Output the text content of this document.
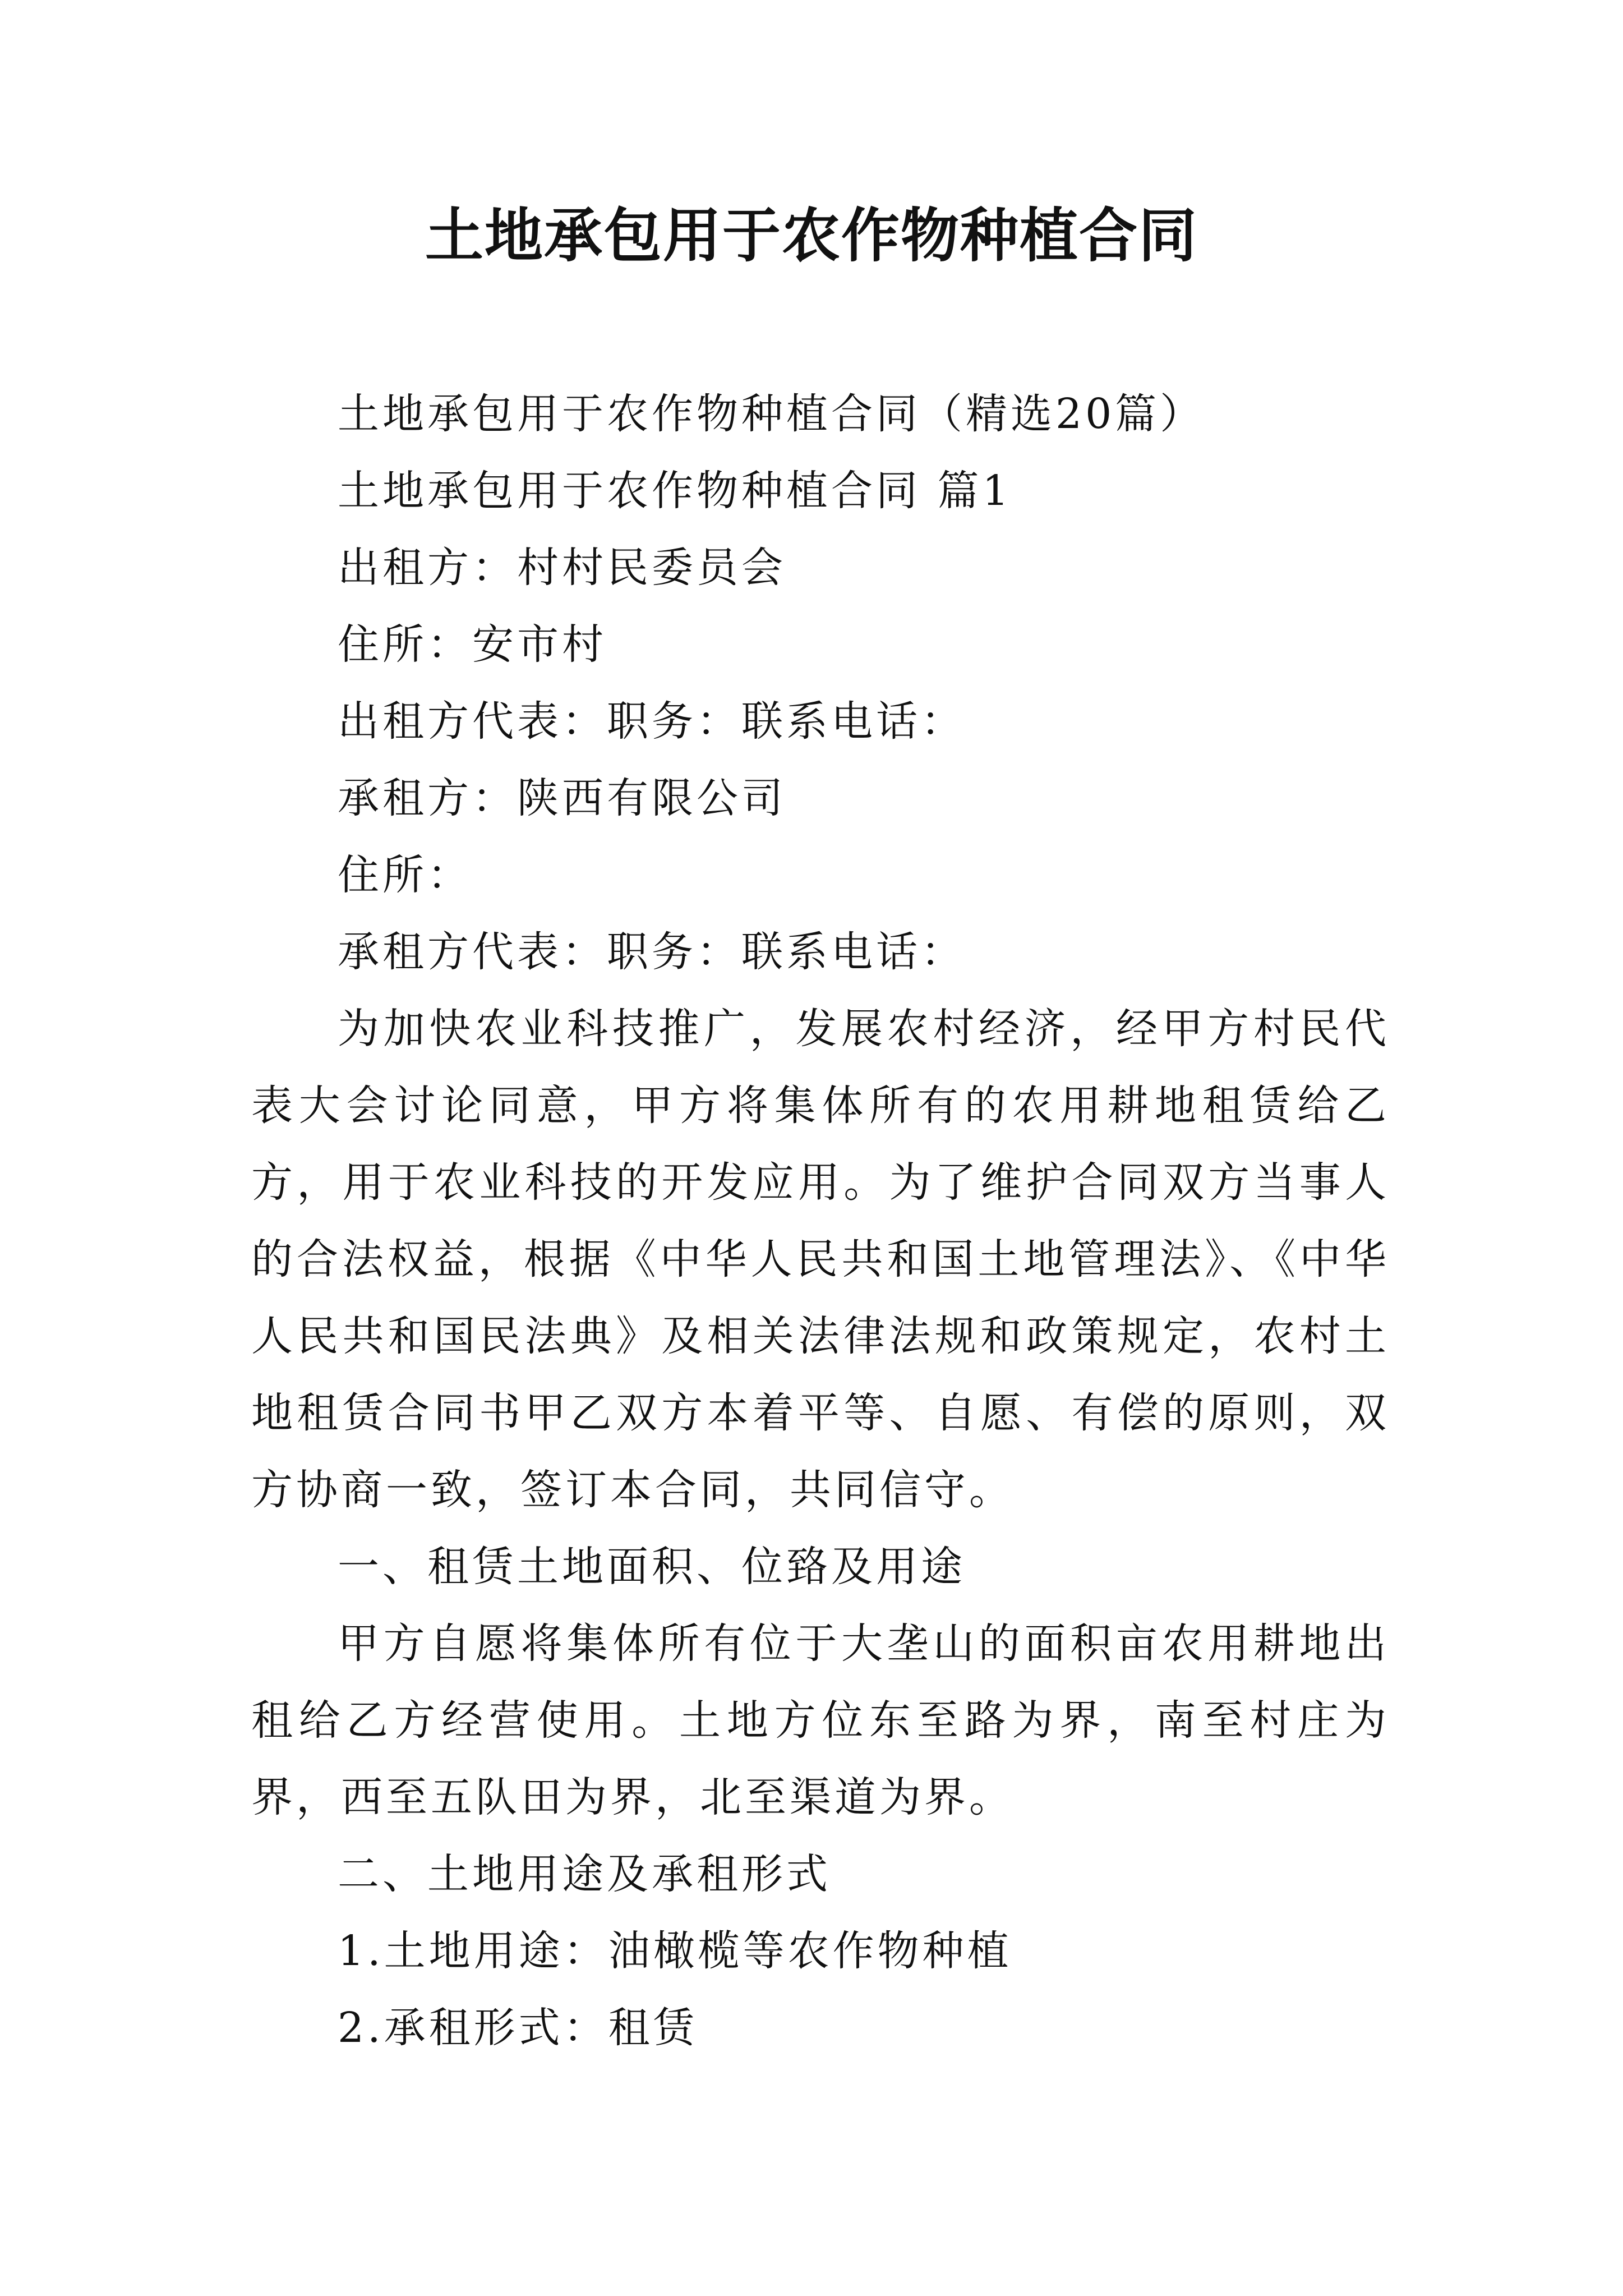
土地承包用于农作物种植合同

土地承包用于农作物种植合同（精选20篇）

土地承包用于农作物种植合同 篇1

出租方：村村民委员会

住所：安市村

出租方代表：职务：联系电话：

承租方：陕西有限公司

住所：

承租方代表：职务：联系电话：

为加快农业科技推广，发展农村经济，经甲方村民代表大会讨论同意，甲方将集体所有的农用耕地租赁给乙方，用于农业科技的开发应用。为了维护合同双方当事人的合法权益，根据《中华人民共和国土地管理法》、《中华人民共和国民法典》及相关法律法规和政策规定，农村土地租赁合同书甲乙双方本着平等、自愿、有偿的原则，双方协商一致，签订本合同，共同信守。

一、租赁土地面积、位臵及用途

甲方自愿将集体所有位于大垄山的面积亩农用耕地出租给乙方经营使用。土地方位东至路为界，南至村庄为界，西至五队田为界，北至渠道为界。

二、土地用途及承租形式

1.土地用途：油橄榄等农作物种植

2.承租形式：租赁
